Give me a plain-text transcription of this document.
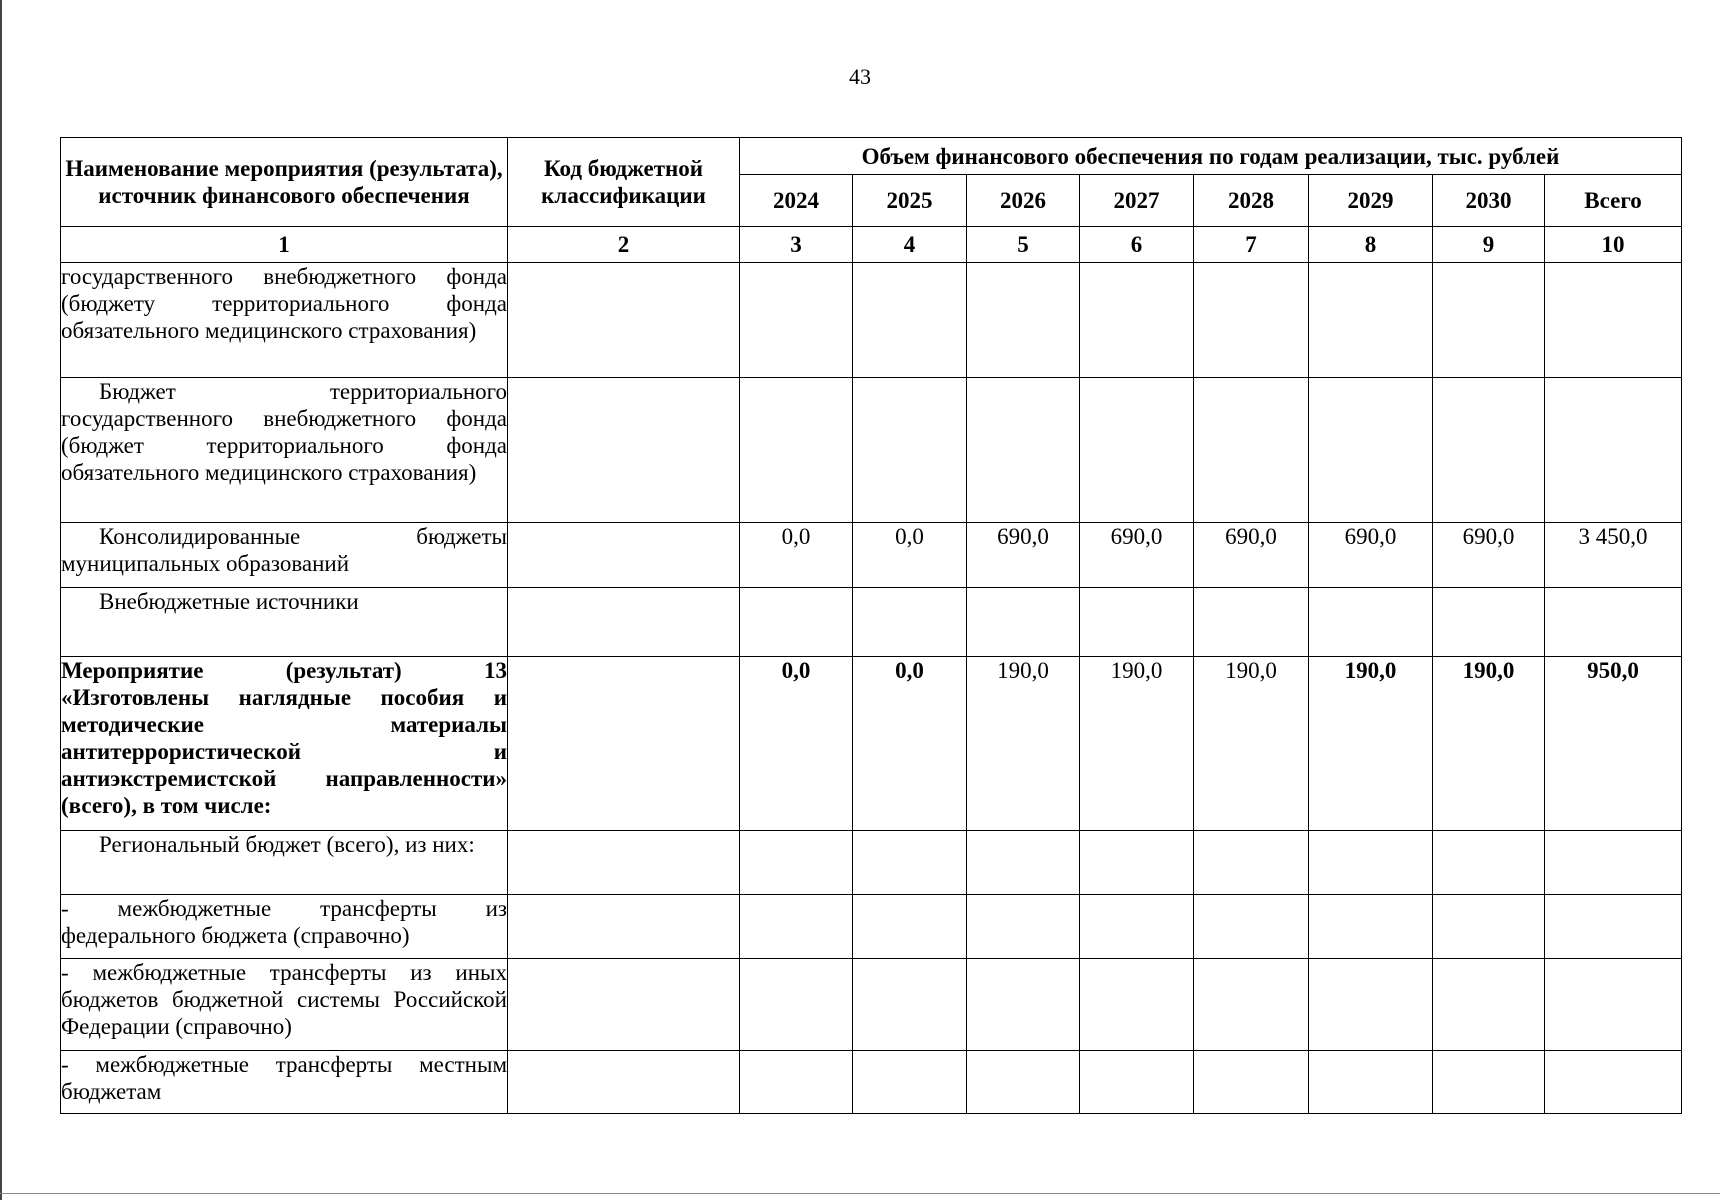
43
Наименование мероприятия (результата), источник финансового обеспечения	Код бюджетной классификации	Объем финансового обеспечения по годам реализации, тыс. рублей							
		2024	2025	2026	2027	2028	2029	2030	Всего
1	2	3	4	5	6	7	8	9	10
государственного внебюджетного фонда (бюджету территориального фонда обязательного медицинского страхования)									
Бюджет территориального государственного внебюджетного фонда (бюджет территориального фонда обязательного медицинского страхования)									
Консолидированные бюджеты муниципальных образований		0,0	0,0	690,0	690,0	690,0	690,0	690,0	3 450,0
Внебюджетные источники									
Мероприятие (результат) 13 «Изготовлены наглядные пособия и методические материалы антитеррористической и антиэкстремистской направленности» (всего), в том числе:		0,0	0,0	190,0	190,0	190,0	190,0	190,0	950,0
Региональный бюджет (всего), из них:									
- межбюджетные трансферты из федерального бюджета (справочно)									
- межбюджетные трансферты из иных бюджетов бюджетной системы Российской Федерации (справочно)									
- межбюджетные трансферты местным бюджетам									
